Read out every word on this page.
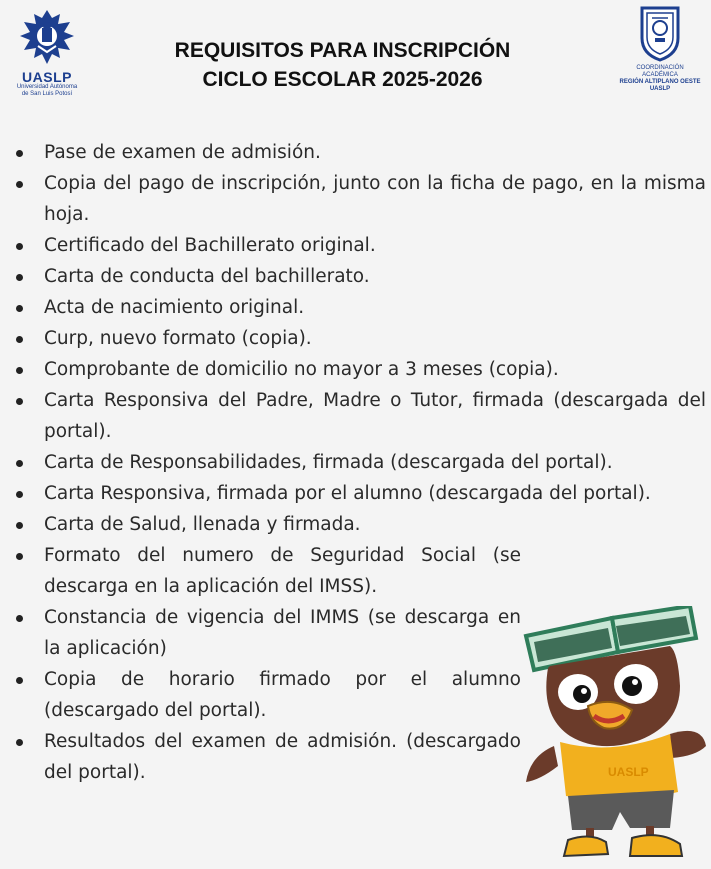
UASLP
Universidad Autónoma
de San Luis Potosí
REQUISITOS PARA INSCRIPCIÓN
CICLO ESCOLAR 2025-2026	COORDINACIÓN
ACADÉMICA
REGIÓN ALTIPLANO OESTE
UASLP
Pase de examen de admisión.
Copia del pago de inscripción, junto con la ficha de pago, en la misma hoja.
Certificado del Bachillerato original.
Carta de conducta del bachillerato.
Acta de nacimiento original.
Curp, nuevo formato (copia).
Comprobante de domicilio no mayor a 3 meses (copia).
Carta Responsiva del Padre, Madre o Tutor, firmada (descargada del portal).
Carta de Responsabilidades, firmada (descargada del portal).
Carta Responsiva, firmada por el alumno (descargada del portal).
Carta de Salud, llenada y firmada.
Formato del numero de Seguridad Social (se descarga en la aplicación del IMSS).
Constancia de vigencia del IMMS (se descarga en la aplicación)
Copia de horario firmado por el alumno (descargado del portal).
Resultados del examen de admisión. (descargado del portal).	UASLP
